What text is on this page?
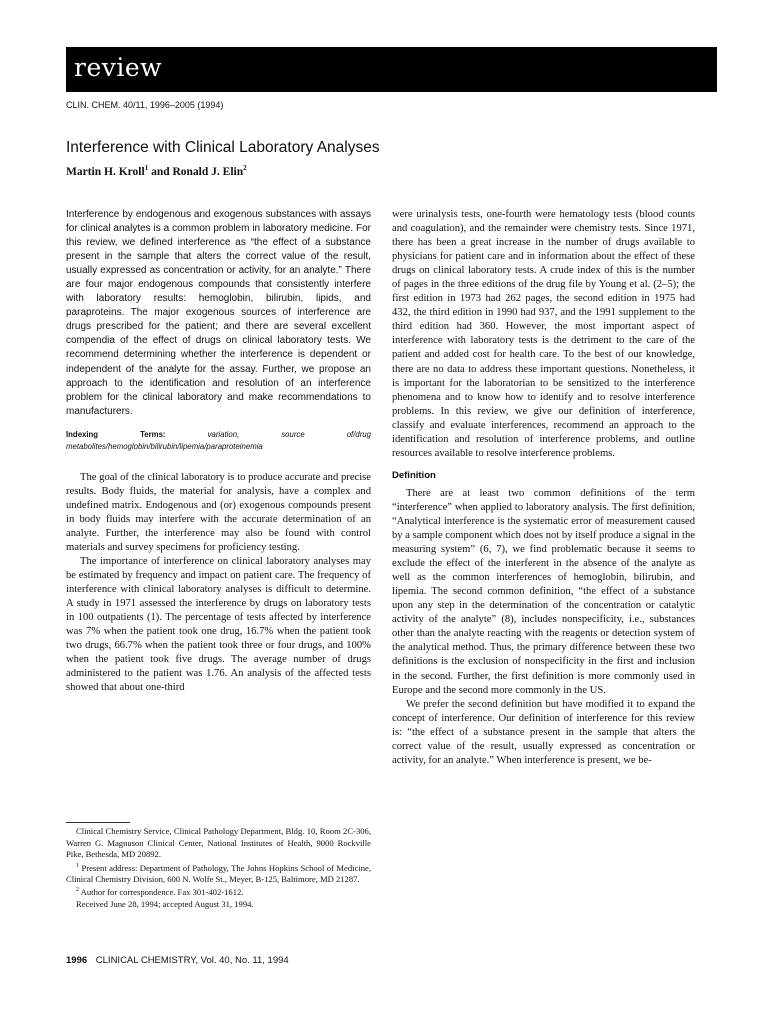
review
CLIN. CHEM. 40/11, 1996–2005 (1994)
Interference with Clinical Laboratory Analyses
Martin H. Kroll$^1$ and Ronald J. Elin$^2$

Interference by endogenous and exogenous substances with assays for clinical analytes is a common problem in laboratory medicine. For this review, we defined interference as “the effect of a substance present in the sample that alters the correct value of the result, usually expressed as concentration or activity, for an analyte.” There are four major endogenous compounds that consistently interfere with laboratory results: hemoglobin, bilirubin, lipids, and paraproteins. The major exogenous sources of interference are drugs prescribed for the patient; and there are several excellent compendia of the effect of drugs on clinical laboratory tests. We recommend determining whether the interference is dependent or independent of the analyte for the assay. Further, we propose an approach to the identification and resolution of an interference problem for the clinical laboratory and make recommendations to manufacturers.

Indexing Terms:	variation, source of/drug metabolites/hemoglobin/bilirubin/lipemia/paraproteinemia

The goal of the clinical laboratory is to produce accurate and precise results. Body fluids, the material for analysis, have a complex and undefined matrix. Endogenous and (or) exogenous compounds present in body fluids may interfere with the accurate determination of an analyte. Further, the interference may also be found with control materials and survey specimens for proficiency testing.

The importance of interference on clinical laboratory analyses may be estimated by frequency and impact on patient care. The frequency of interference with clinical laboratory analyses is difficult to determine. A study in 1971 assessed the interference by drugs on laboratory tests in 100 outpatients (1). The percentage of tests affected by interference was 7% when the patient took one drug, 16.7% when the patient took two drugs, 66.7% when the patient took three or four drugs, and 100% when the patient took five drugs. The average number of drugs administered to the patient was 1.76. An analysis of the affected tests showed that about one-third

were urinalysis tests, one-fourth were hematology tests (blood counts and coagulation), and the remainder were chemistry tests. Since 1971, there has been a great increase in the number of drugs available to physicians for patient care and in information about the effect of these drugs on clinical laboratory tests. A crude index of this is the number of pages in the three editions of the drug file by Young et al. (2–5); the first edition in 1973 had 262 pages, the second edition in 1975 had 432, the third edition in 1990 had 937, and the 1991 supplement to the third edition had 360. However, the most important aspect of interference with laboratory tests is the detriment to the care of the patient and added cost for health care. To the best of our knowledge, there are no data to address these important questions. Nonetheless, it is important for the laboratorian to be sensitized to the interference phenomena and to know how to identify and to resolve interference problems. In this review, we give our definition of interference, classify and evaluate interferences, recommend an approach to the identification and resolution of interference problems, and outline resources available to resolve interference problems.

Definition

There are at least two common definitions of the term “interference” when applied to laboratory analysis. The first definition, “Analytical interference is the systematic error of measurement caused by a sample component which does not by itself produce a signal in the measuring system” (6, 7), we find problematic because it seems to exclude the effect of the interferent in the absence of the analyte as well as the common interferences of hemoglobin, bilirubin, and lipemia. The second common definition, “the effect of a substance upon any step in the determination of the concentration or catalytic activity of the analyte” (8), includes nonspecificity, i.e., substances other than the analyte reacting with the reagents or detection system of the analytical method. Thus, the primary difference between these two definitions is the exclusion of nonspecificity in the first and inclusion in the second. Further, the first definition is more commonly used in Europe and the second more commonly in the US.

We prefer the second definition but have modified it to expand the concept of interference. Our definition of interference for this review is: “the effect of a substance present in the sample that alters the correct value of the result, usually expressed as concentration or activity, for an analyte.” When interference is present, we be-

Clinical Chemistry Service, Clinical Pathology Department, Bldg. 10, Room 2C-306, Warren G. Magnuson Clinical Center, National Institutes of Health, 9000 Rockville Pike, Bethesda, MD 20892.

$^1$ Present address: Department of Pathology, The Johns Hopkins School of Medicine, Clinical Chemistry Division, 600 N. Wolfe St., Meyer, B-125, Baltimore, MD 21287.

$^2$ Author for correspondence. Fax 301-402-1612.

Received June 28, 1994; accepted August 31, 1994.

1996 CLINICAL CHEMISTRY, Vol. 40, No. 11, 1994
